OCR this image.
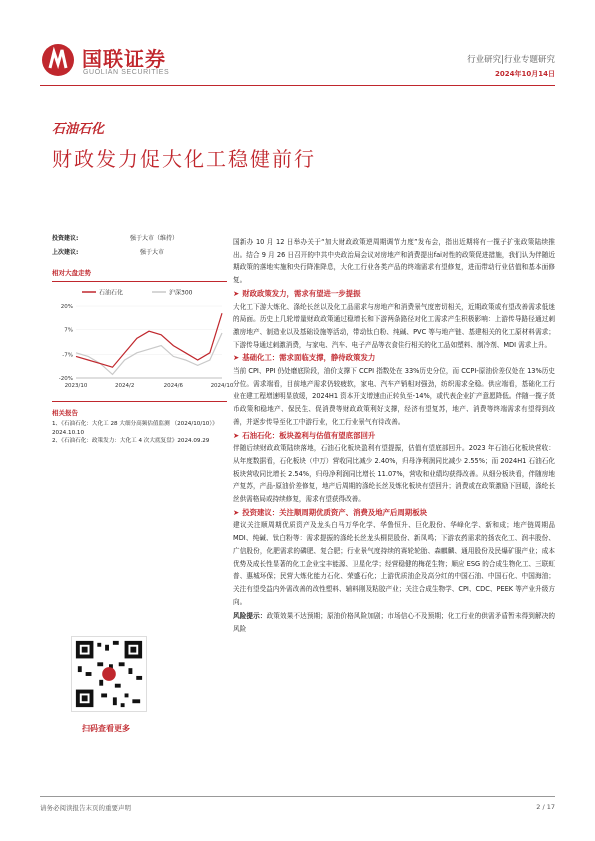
国联证券
GUOLIAN SECURITIES
行业研究|行业专题研究
2024年10月14日
石油石化
财政发力促大化工稳健前行
投资建议:	强于大市（维持）
上次建议:	强于大市
相对大盘走势
石油石化	沪深300
20%
7%
-7%
-20%
2023/10	2024/2	2024/6	2024/10
相关报告
1、《石油石化：大化工 28 大细分高频估值监测 （2024/10/10）》2024.10.10
2、《石油石化：政策发力：大化工 4 次大底复盘》2024.09.29
扫码查看更多

国新办 10 月 12 日举办关于“加大财政政策逆周期调节力度”发布会，指出近期将有一揽子扩张政策陆续推出。结合 9 月 26 日召开的中共中央政治局会议对房地产和消费提出fai对性的政策促进措施，我们认为伴随近期政策的落地实施和央行降准降息，大化工行业各类产品的终端需求有望修复，进而带动行业估值和基本面修复。

➤ 财政政策发力，需求有望进一步提振

大化工下游大炼化、涤纶长丝以及化工品需求与房地产和消费景气度密切相关，近期政策或有望改善需求低迷的局面。历史上几轮增量财政政策通过稳增长和下游两条路径对化工需求产生积极影响：上游传导路径通过刺激房地产、制造业以及基础设施等活动，带动钛白粉、纯碱、PVC 等与地产链、基建相关的化工原材料需求；下游传导通过刺激消费，与家电、汽车、电子产品等衣食住行相关的化工品如塑料、制冷剂、MDI 需求上升。

➤ 基础化工：需求面临支撑，静待政策发力

当前 CPI、PPI 仍处磨底阶段，油价支撑下 CCPI 指数处在 33%历史分位，而 CCPI-原油价差仅处在 13%历史分位。需求端看，目前地产需求仍较疲软，家电、汽车产销相对强劲，纺织需求全稳。供应端看，基础化工行业在建工程增速明显放缓，2024H1 资本开支增速由正转负至-14%，或代表企业扩产意愿降低。伴随一揽子货币政策和稳地产、保民生、促消费等财政政策利好支撑，经济有望复苏，地产、消费等终端需求有望得到改善，并逐步传导至化工中游行业，化工行业景气有待改善。

➤ 石油石化：板块盈利与估值有望底部回升

伴随后续财政政策陆续落地，石油石化板块盈利有望提振，估值有望底部回升。2023 年石油石化板块营收：从年度数据看，石化板块（中万）营收同比减少 2.40%，归母净利润同比减少 2.55%；而 2024H1 石油石化板块营收同比增长 2.54%，归母净利润同比增长 11.07%，营收和业绩均获得改善。从细分板块看，伴随房地产复苏，产品-原油价差修复，地产后周期的涤纶长丝及炼化板块有望回升；消费或在政策激励下回暖，涤纶长丝供需格局或持续修复，需求有望获得改善。

➤ 投资建议：关注顺周期优质资产、消费及地产后周期板块

建议关注顺周期优质资产及龙头白马万华化学、华鲁恒升、巨化股份、华峰化学、新和成；地产链周期品 MDI、纯碱、钛白粉等：需求提振的涤纶长丝龙头桐昆股份、新凤鸣；下游农药需求的扬农化工、润丰股份、广信股份，化肥需求的磷肥、复合肥；行业景气度持续的赛轮轮胎、森麒麟、通用股份及民爆矿服产业；成本优势及成长性显著的化工企业宝丰能源、卫星化学；经营稳健的梅花生物；顺应 ESG 的合成生物化工、三联虹普、惠城环保；民营大炼化能力石化、荣盛石化；上游优质油企及高分红的中国石油、中国石化、中国海油；关注有望受益内外需改善的改性塑料、辅料刚及粘胶产业；关注合成生物学、CPI、CDC、PEEK 等产业升级方向。

风险提示：政策效果不达预期；原油价格风险加剧；市场信心不及预期；化工行业的供需矛盾暂未得到解决的风险

请务必阅读报告末页的重要声明	2 / 17
